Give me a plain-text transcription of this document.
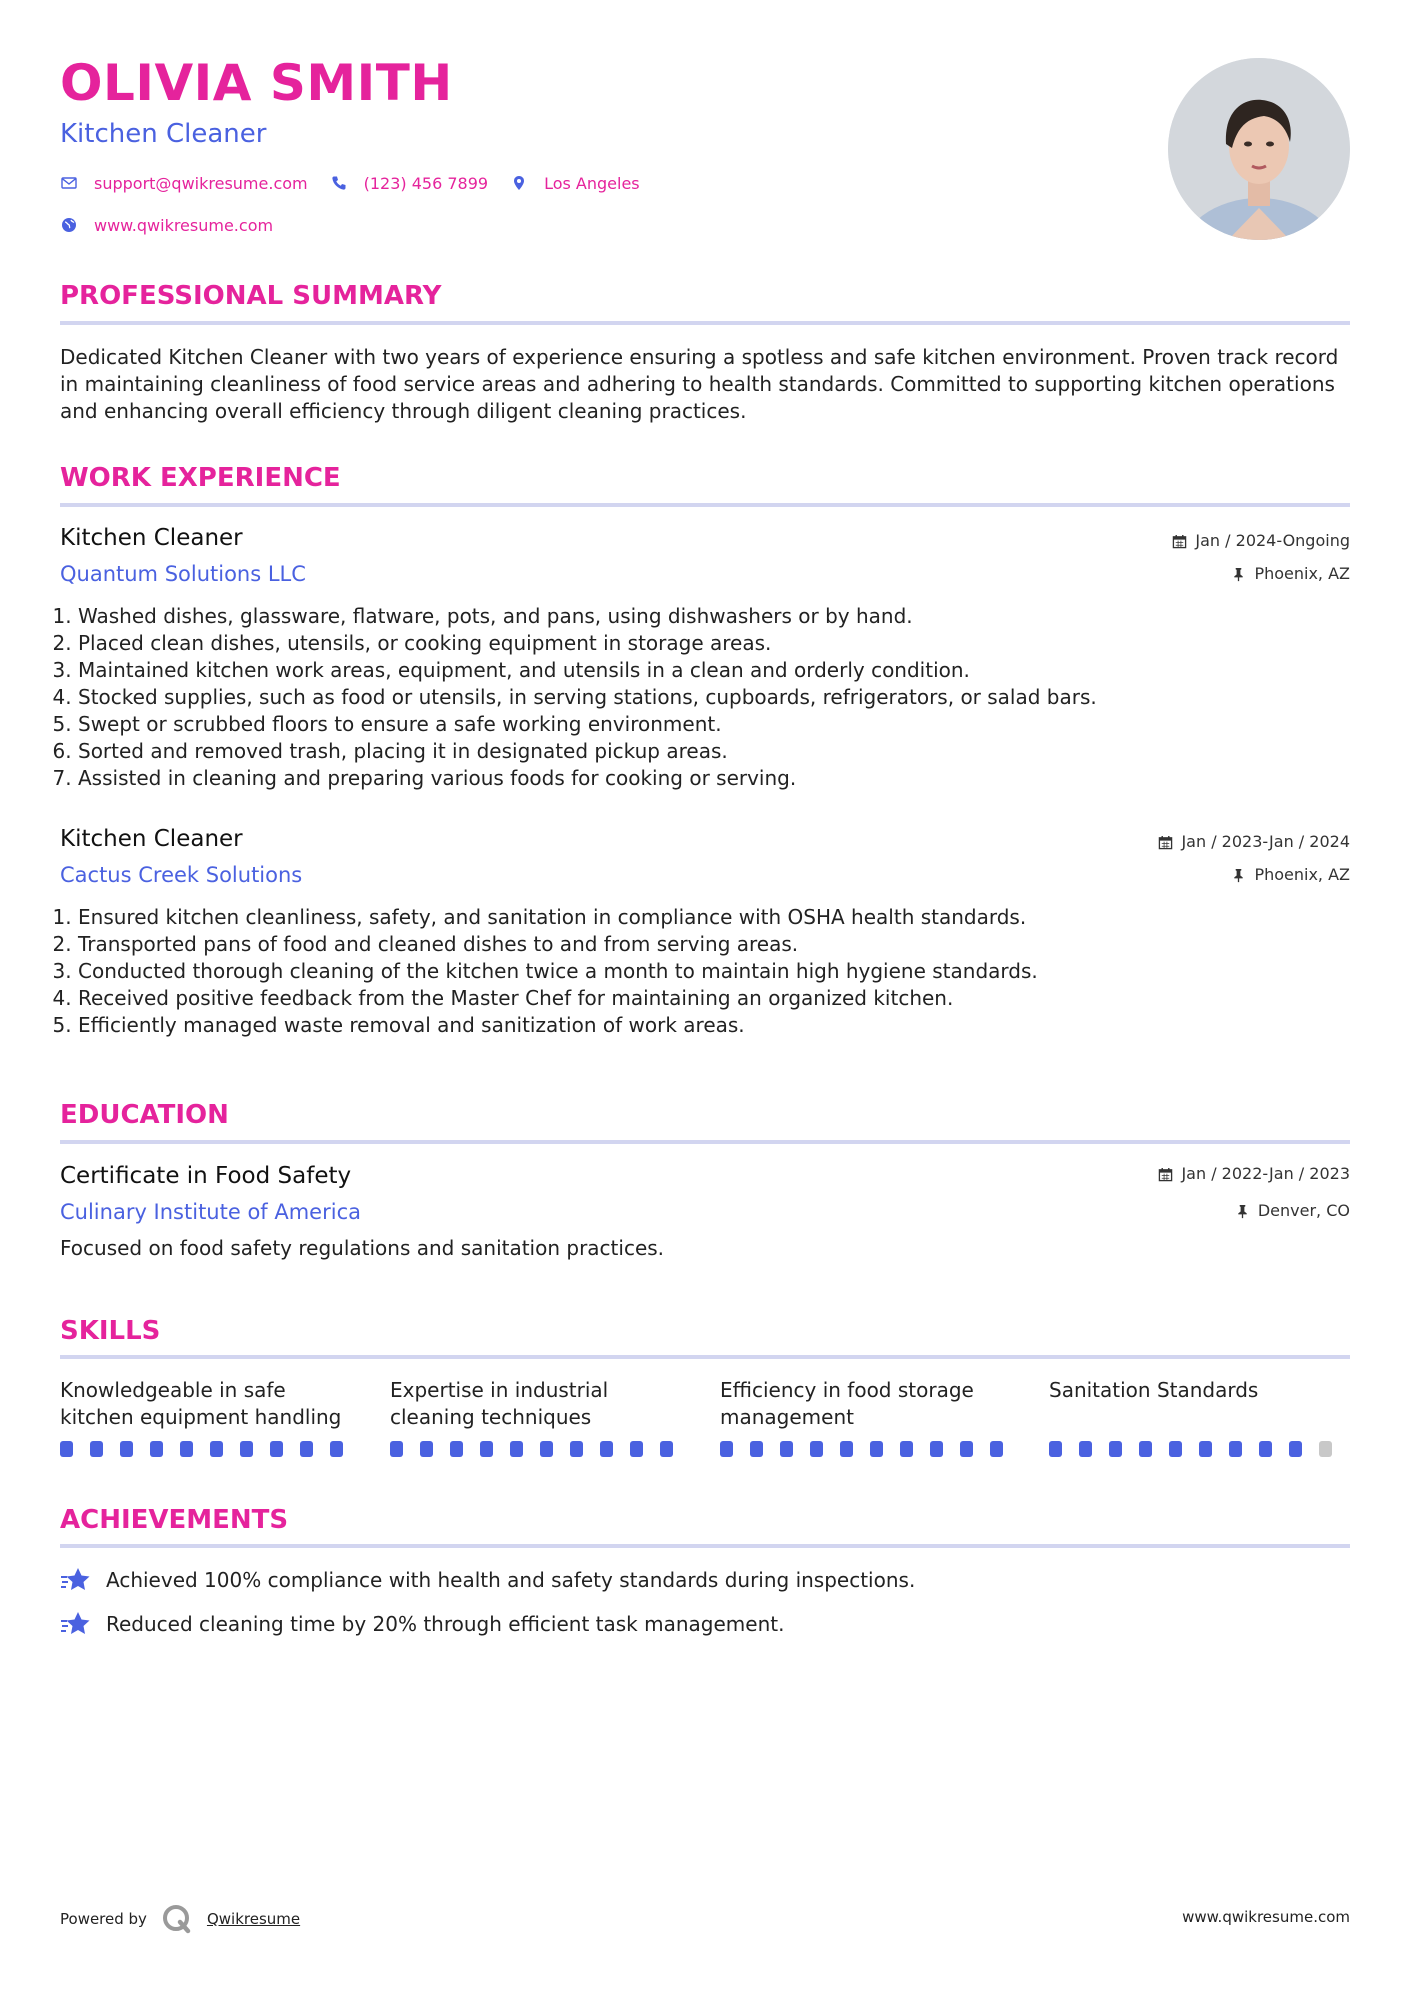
OLIVIA SMITH
Kitchen Cleaner
support@qwikresume.com	(123) 456 7899	Los Angeles
www.qwikresume.com
PROFESSIONAL SUMMARY
Dedicated Kitchen Cleaner with two years of experience ensuring a spotless and safe kitchen environment. Proven track record in maintaining cleanliness of food service areas and adhering to health standards. Committed to supporting kitchen operations and enhancing overall efficiency through diligent cleaning practices.
WORK EXPERIENCE
Kitchen Cleaner
Quantum Solutions LLC
Jan / 2024-Ongoing
Phoenix, AZ
1. Washed dishes, glassware, flatware, pots, and pans, using dishwashers or by hand.
2. Placed clean dishes, utensils, or cooking equipment in storage areas.
3. Maintained kitchen work areas, equipment, and utensils in a clean and orderly condition.
4. Stocked supplies, such as food or utensils, in serving stations, cupboards, refrigerators, or salad bars.
5. Swept or scrubbed floors to ensure a safe working environment.
6. Sorted and removed trash, placing it in designated pickup areas.
7. Assisted in cleaning and preparing various foods for cooking or serving.
Kitchen Cleaner
Cactus Creek Solutions
Jan / 2023-Jan / 2024
Phoenix, AZ
1. Ensured kitchen cleanliness, safety, and sanitation in compliance with OSHA health standards.
2. Transported pans of food and cleaned dishes to and from serving areas.
3. Conducted thorough cleaning of the kitchen twice a month to maintain high hygiene standards.
4. Received positive feedback from the Master Chef for maintaining an organized kitchen.
5. Efficiently managed waste removal and sanitization of work areas.
EDUCATION
Certificate in Food Safety
Culinary Institute of America
Jan / 2022-Jan / 2023
Denver, CO
Focused on food safety regulations and sanitation practices.
SKILLS
Knowledgeable in safe kitchen equipment handling
Expertise in industrial cleaning techniques
Efficiency in food storage management
Sanitation Standards
ACHIEVEMENTS
Achieved 100% compliance with health and safety standards during inspections.
Reduced cleaning time by 20% through efficient task management.
Powered by	Qwikresume	www.qwikresume.com
